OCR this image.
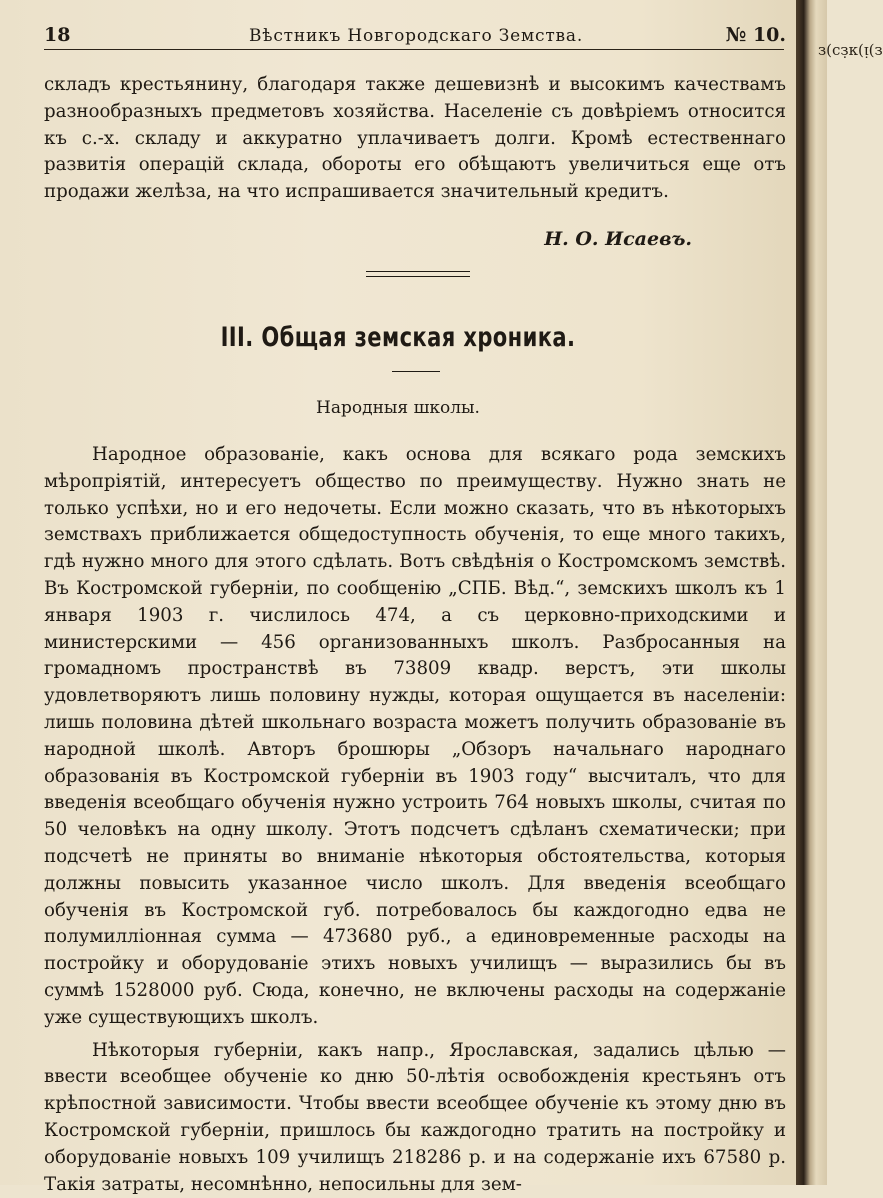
18	Вѣстникъ Новгородскаго Земства.	№ 10.

складъ крестьянину, благодаря также дешевизнѣ и высокимъ качествамъ разнообразныхъ предметовъ хозяйства. Населеніе съ довѣріемъ относится къ с.-х. складу и аккуратно уплачиваетъ долги. Кромѣ естественнаго развитія операцій склада, обороты его обѣщаютъ увеличиться еще отъ продажи желѣза, на что испрашивается значительный кредитъ.

Н. О. Исаевъ.
III. Общая земская хроника.
Народныя школы.

Народное образованіе, какъ основа для всякаго рода земскихъ мѣропріятій, интересуетъ общество по преимуществу. Нужно знать не только успѣхи, но и его недочеты. Если можно сказать, что въ нѣкоторыхъ земствахъ приближается общедоступность обученія, то еще много такихъ, гдѣ нужно много для этого сдѣлать. Вотъ свѣдѣнія о Костромскомъ земствѣ. Въ Костромской губерніи, по сообщенію „СПБ. Вѣд.“, земскихъ школъ къ 1 января 1903 г. числилось 474, а съ церковно-приходскими и министерскими — 456 организованныхъ школъ. Разбросанныя на громадномъ пространствѣ въ 73809 квадр. верстъ, эти школы удовлетворяютъ лишь половину нужды, которая ощущается въ населеніи: лишь половина дѣтей школьнаго возраста можетъ получить образованіе въ народной школѣ. Авторъ брошюры „Обзоръ начальнаго народнаго образованія въ Костромской губерніи въ 1903 году“ высчиталъ, что для введенія всеобщаго обученія нужно устроить 764 новыхъ школы, считая по 50 человѣкъ на одну школу. Этотъ подсчетъ сдѣланъ схематически; при подсчетѣ не приняты во вниманіе нѣкоторыя обстоятельства, которыя должны повысить указанное число школъ. Для введенія всеобщаго обученія въ Костромской губ. потребовалось бы каждогодно едва не полумилліонная сумма — 473680 руб., а единовременные расходы на постройку и оборудованіе этихъ новыхъ училищъ — выразились бы въ суммѣ 1528000 руб. Сюда, конечно, не включены расходы на содержаніе уже существующихъ школъ.

Нѣкоторыя губерніи, какъ напр., Ярославская, задались цѣлью — ввести всеобщее обученіе ко дню 50-лѣтія освобожденія крестьянъ отъ крѣпостной зависимости. Чтобы ввести всеобщее обученіе къ этому дню въ Костромской губерніи, пришлось бы каждогодно тратить на постройку и оборудованіе новыхъ 109 училищъ 218286 р. и на содержаніе ихъ 67580 р. Такія затраты, несомнѣнно, непосильны для зем-

з(сз̣к(ᴉ(з
